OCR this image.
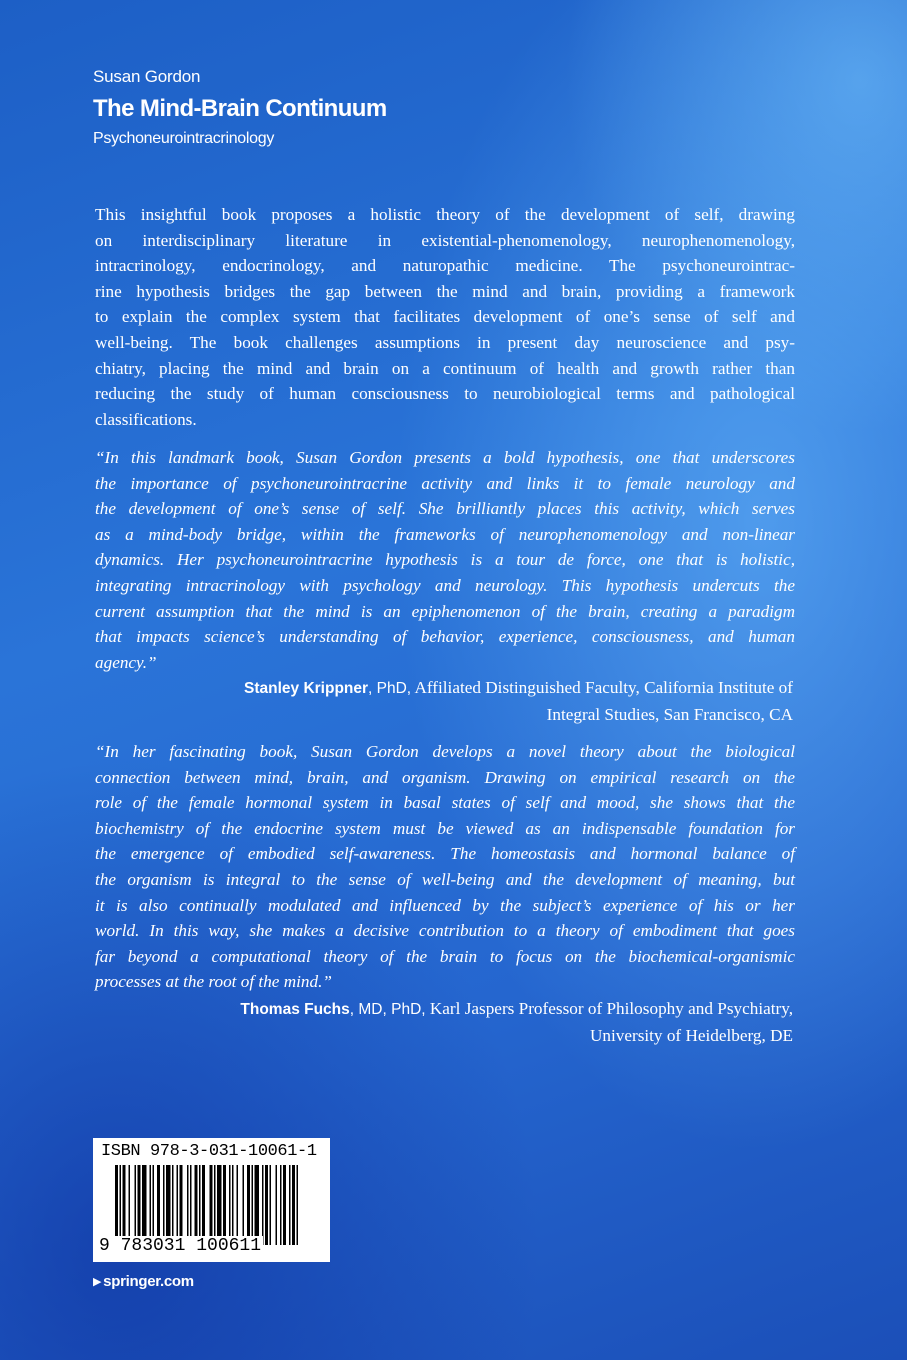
Susan Gordon
The Mind-Brain Continuum
Psychoneurointracrinology
This insightful book proposes a holistic theory of the development of self, drawing
on interdisciplinary literature in existential-phenomenology, neurophenomenology,
intracrinology, endocrinology, and naturopathic medicine. The psychoneurointrac-
rine hypothesis bridges the gap between the mind and brain, providing a framework
to explain the complex system that facilitates development of one’s sense of self and
well-being. The book challenges assumptions in present day neuroscience and psy-
chiatry, placing the mind and brain on a continuum of health and growth rather than
reducing the study of human consciousness to neurobiological terms and pathological
classifications.
“In this landmark book, Susan Gordon presents a bold hypothesis, one that underscores
the importance of psychoneurointracrine activity and links it to female neurology and
the development of one’s sense of self. She brilliantly places this activity, which serves
as a mind-body bridge, within the frameworks of neurophenomenology and non-linear
dynamics. Her psychoneurointracrine hypothesis is a tour de force, one that is holistic,
integrating intracrinology with psychology and neurology. This hypothesis undercuts the
current assumption that the mind is an epiphenomenon of the brain, creating a paradigm
that impacts science’s understanding of behavior, experience, consciousness, and human
agency.”
Stanley Krippner, PhD, Affiliated Distinguished Faculty, California Institute of
Integral Studies, San Francisco, CA
“In her fascinating book, Susan Gordon develops a novel theory about the biological
connection between mind, brain, and organism. Drawing on empirical research on the
role of the female hormonal system in basal states of self and mood, she shows that the
biochemistry of the endocrine system must be viewed as an indispensable foundation for
the emergence of embodied self-awareness. The homeostasis and hormonal balance of
the organism is integral to the sense of well-being and the development of meaning, but
it is also continually modulated and influenced by the subject’s experience of his or her
world. In this way, she makes a decisive contribution to a theory of embodiment that goes
far beyond a computational theory of the brain to focus on the biochemical-organismic
processes at the root of the mind.”
Thomas Fuchs, MD, PhD, Karl Jaspers Professor of Philosophy and Psychiatry,
University of Heidelberg, DE
ISBN 978-3-031-10061-1
9 783031 100611
▶ springer.com
